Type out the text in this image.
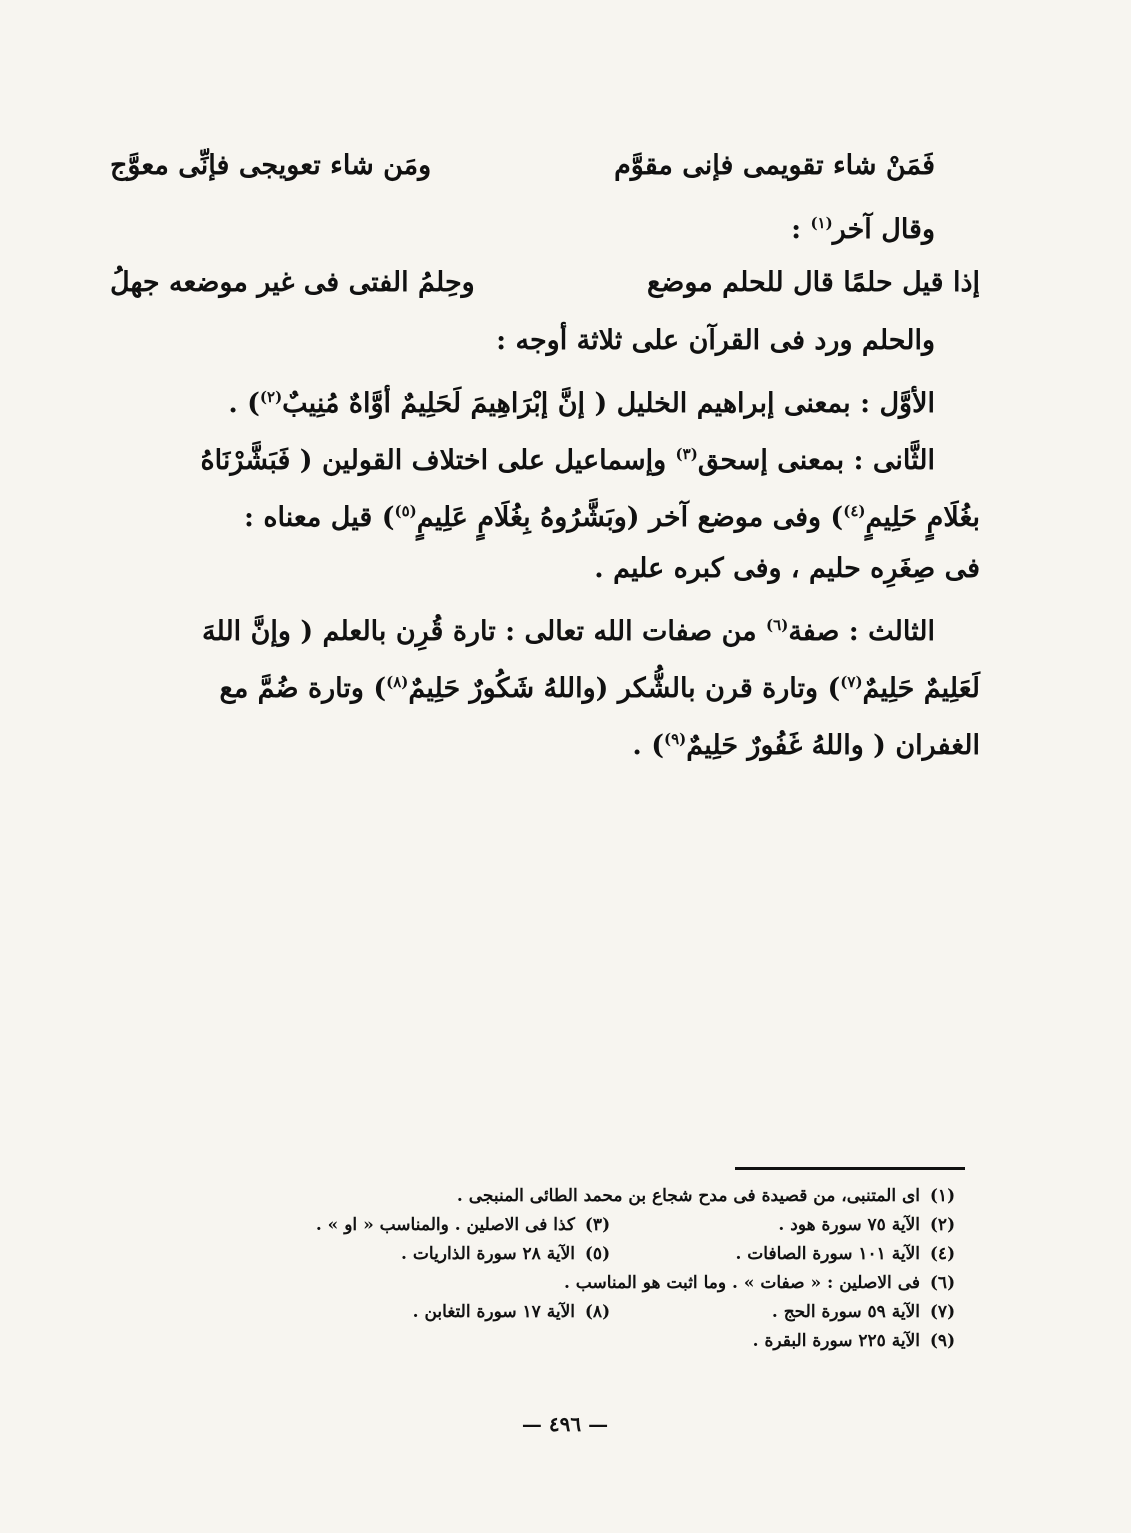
فَمَنْ شاء تقويمى فإنى مقوَّم
ومَن شاء تعويجى فإنِّى معوَّج
وقال آخر$^{(١)}$ :
إذا قيل حلمًا قال للحلم موضع
وحِلمُ الفتى فى غير موضعه جهلُ
والحلم ورد فى القرآن على ثلاثة أوجه :
الأوَّل : بمعنى إبراهيم الخليل ( إنَّ إبْرَاهِيمَ لَحَلِيمٌ أوَّاهٌ مُنِيبٌ$^{(٢)}$) .
الثَّانى : بمعنى إسحق$^{(٣)}$ وإسماعيل على اختلاف القولين ( فَبَشَّرْنَاهُ
بغُلَامٍ حَلِيمٍ$^{(٤)}$) وفى موضع آخر (وبَشَّرُوهُ بِغُلَامٍ عَلِيمٍ$^{(٥)}$) قيل معناه :
فى صِغَرِه حليم ، وفى كبره عليم .
الثالث : صفة$^{(٦)}$ من صفات الله تعالى : تارة قُرِن بالعلم ( وإنَّ اللهَ
لَعَلِيمٌ حَلِيمٌ$^{(٧)}$) وتارة قرن بالشُّكر (واللهُ شَكُورٌ حَلِيمٌ$^{(٨)}$) وتارة ضُمَّ مع
الغفران ( واللهُ غَفُورٌ حَلِيمٌ$^{(٩)}$) .
(١)
اى المتنبى، من قصيدة فى مدح شجاع بن محمد الطائى المنبجى .
(٢)
الآية ٧٥ سورة هود .
(٣)
كذا فى الاصلين . والمناسب « او » .
(٤)
الآية ١٠١ سورة الصافات .
(٥)
الآية ٢٨ سورة الذاريات .
(٦)
فى الاصلين : « صفات » . وما اثبت هو المناسب .
(٧)
الآية ٥٩ سورة الحج .
(٨)
الآية ١٧ سورة التغابن .
(٩)
الآية ٢٢٥ سورة البقرة .
— ٤٩٦ —
